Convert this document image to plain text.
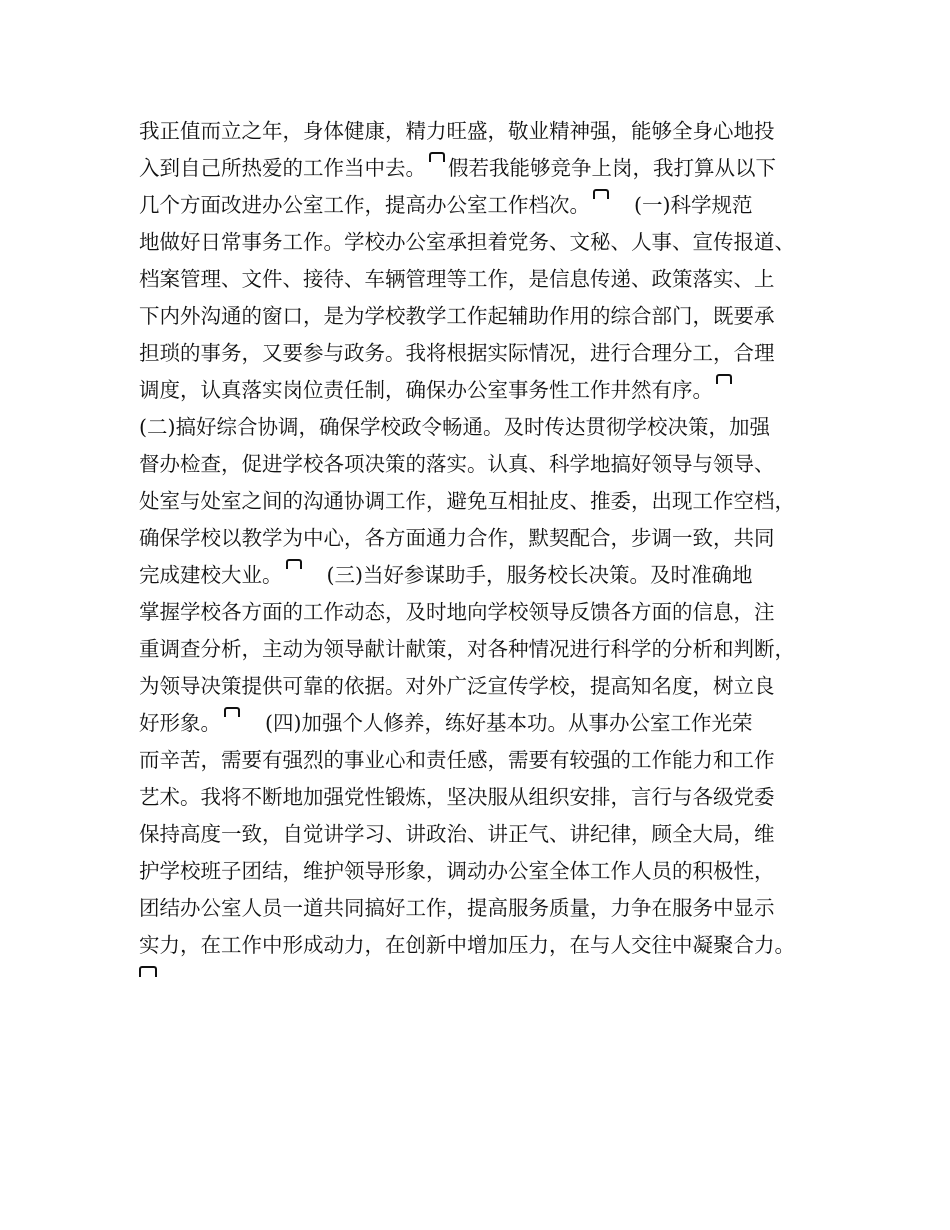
我正值而立之年，身体健康，精力旺盛，敬业精神强，能够全身心地投
入到自己所热爱的工作当中去。 假若我能够竞争上岗，我打算从以下
几个方面改进办公室工作，提高办公室工作档次。 (一)科学规范
地做好日常事务工作。学校办公室承担着党务、文秘、人事、宣传报道、
档案管理、文件、接待、车辆管理等工作，是信息传递、政策落实、上
下内外沟通的窗口，是为学校教学工作起辅助作用的综合部门，既要承
担琐的事务，又要参与政务。我将根据实际情况，进行合理分工，合理
调度，认真落实岗位责任制，确保办公室事务性工作井然有序。
(二)搞好综合协调，确保学校政令畅通。及时传达贯彻学校决策，加强
督办检查，促进学校各项决策的落实。认真、科学地搞好领导与领导、
处室与处室之间的沟通协调工作，避免互相扯皮、推委，出现工作空档，
确保学校以教学为中心，各方面通力合作，默契配合，步调一致，共同
完成建校大业。 (三)当好参谋助手，服务校长决策。及时准确地
掌握学校各方面的工作动态，及时地向学校领导反馈各方面的信息，注
重调查分析，主动为领导献计献策，对各种情况进行科学的分析和判断，
为领导决策提供可靠的依据。对外广泛宣传学校，提高知名度，树立良
好形象。 (四)加强个人修养，练好基本功。从事办公室工作光荣
而辛苦，需要有强烈的事业心和责任感，需要有较强的工作能力和工作
艺术。我将不断地加强党性锻炼，坚决服从组织安排，言行与各级党委
保持高度一致，自觉讲学习、讲政治、讲正气、讲纪律，顾全大局，维
护学校班子团结，维护领导形象，调动办公室全体工作人员的积极性，
团结办公室人员一道共同搞好工作，提高服务质量，力争在服务中显示
实力，在工作中形成动力，在创新中增加压力，在与人交往中凝聚合力。
